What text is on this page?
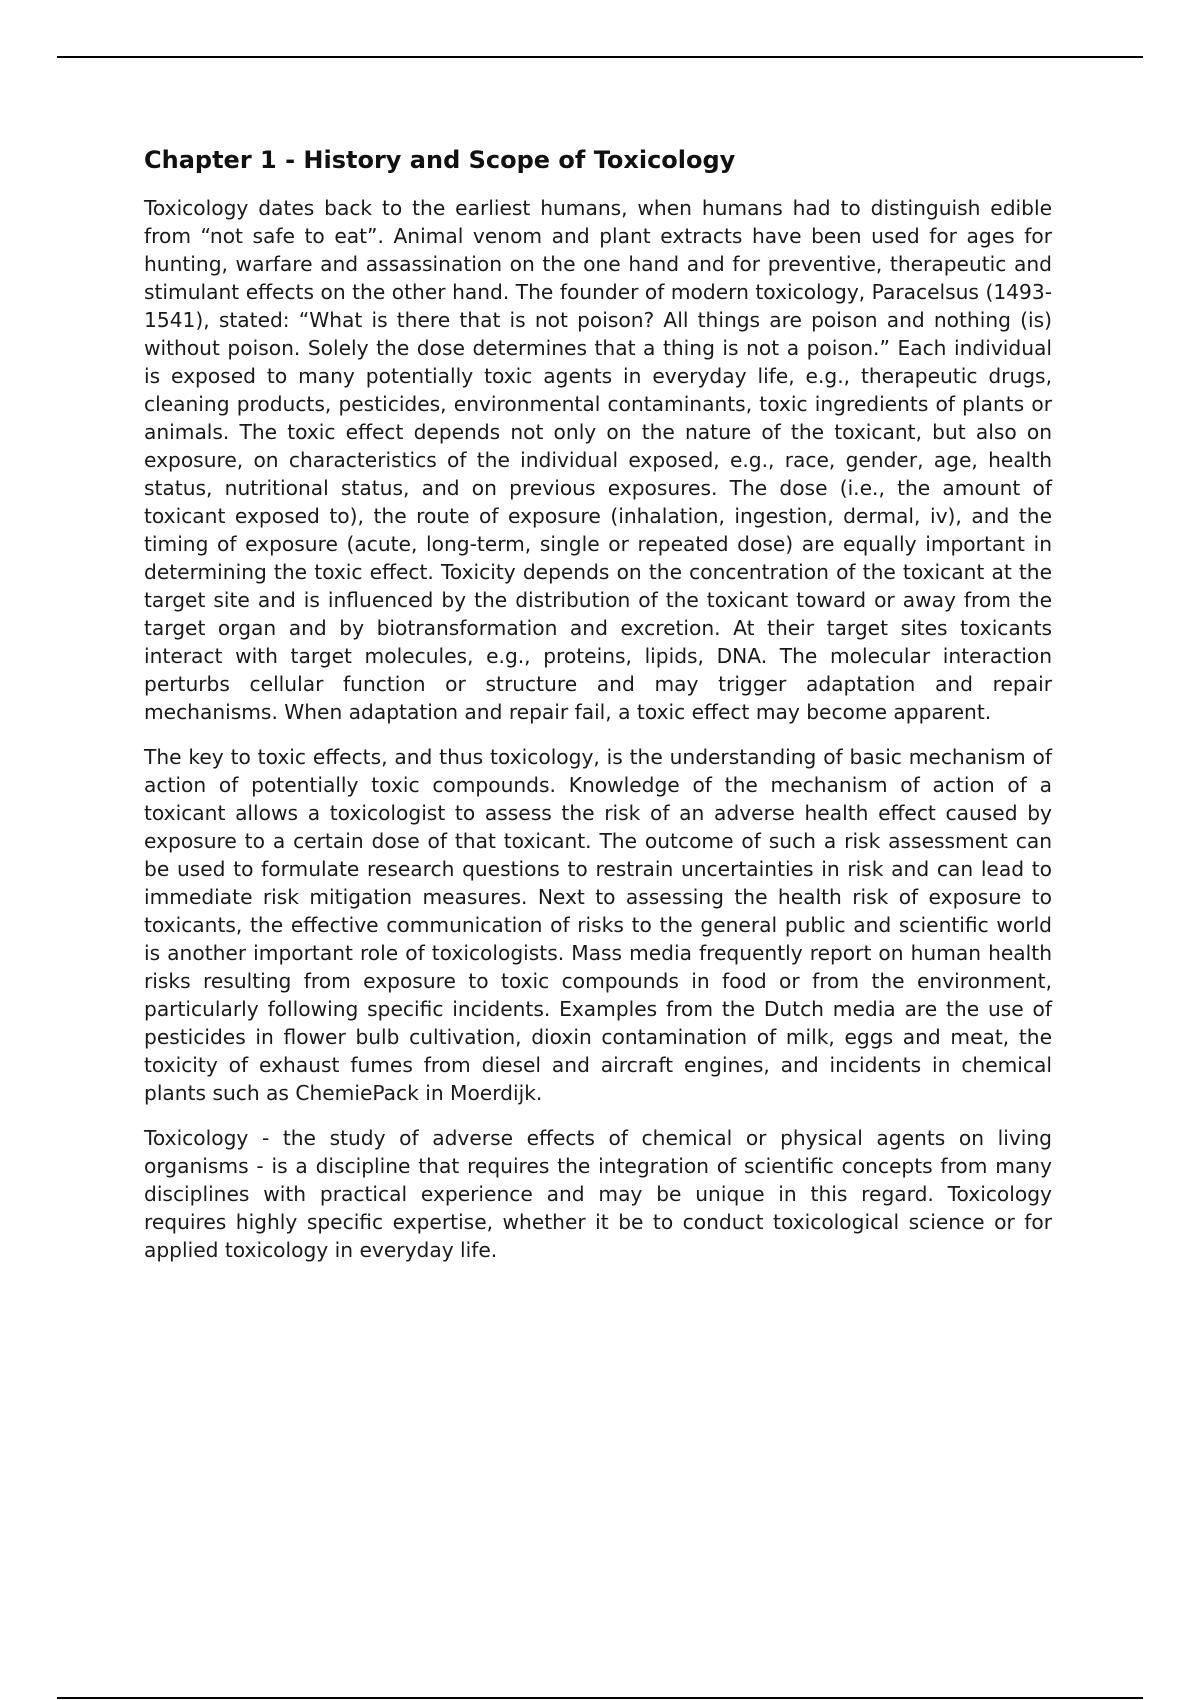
Chapter 1 - History and Scope of Toxicology

Toxicology dates back to the earliest humans, when humans had to distinguish edible from “not safe to eat”. Animal venom and plant extracts have been used for ages for hunting, warfare and assassination on the one hand and for preventive, therapeutic and stimulant effects on the other hand. The founder of modern toxicology, Paracelsus (1493-1541), stated: “What is there that is not poison? All things are poison and nothing (is) without poison. Solely the dose determines that a thing is not a poison.” Each individual is exposed to many potentially toxic agents in everyday life, e.g., therapeutic drugs, cleaning products, pesticides, environmental contaminants, toxic ingredients of plants or animals. The toxic effect depends not only on the nature of the toxicant, but also on exposure, on characteristics of the individual exposed, e.g., race, gender, age, health status, nutritional status, and on previous exposures. The dose (i.e., the amount of toxicant exposed to), the route of exposure (inhalation, ingestion, dermal, iv), and the timing of exposure (acute, long-term, single or repeated dose) are equally important in determining the toxic effect. Toxicity depends on the concentration of the toxicant at the target site and is influenced by the distribution of the toxicant toward or away from the target organ and by biotransformation and excretion. At their target sites toxicants interact with target molecules, e.g., proteins, lipids, DNA. The molecular interaction perturbs cellular function or structure and may trigger adaptation and repair mechanisms. When adaptation and repair fail, a toxic effect may become apparent.

The key to toxic effects, and thus toxicology, is the understanding of basic mechanism of action of potentially toxic compounds. Knowledge of the mechanism of action of a toxicant allows a toxicologist to assess the risk of an adverse health effect caused by exposure to a certain dose of that toxicant. The outcome of such a risk assessment can be used to formulate research questions to restrain uncertainties in risk and can lead to immediate risk mitigation measures. Next to assessing the health risk of exposure to toxicants, the effective communication of risks to the general public and scientific world is another important role of toxicologists. Mass media frequently report on human health risks resulting from exposure to toxic compounds in food or from the environment, particularly following specific incidents. Examples from the Dutch media are the use of pesticides in flower bulb cultivation, dioxin contamination of milk, eggs and meat, the toxicity of exhaust fumes from diesel and aircraft engines, and incidents in chemical plants such as ChemiePack in Moerdijk.

Toxicology - the study of adverse effects of chemical or physical agents on living organisms - is a discipline that requires the integration of scientific concepts from many disciplines with practical experience and may be unique in this regard. Toxicology requires highly specific expertise, whether it be to conduct toxicological science or for applied toxicology in everyday life.
